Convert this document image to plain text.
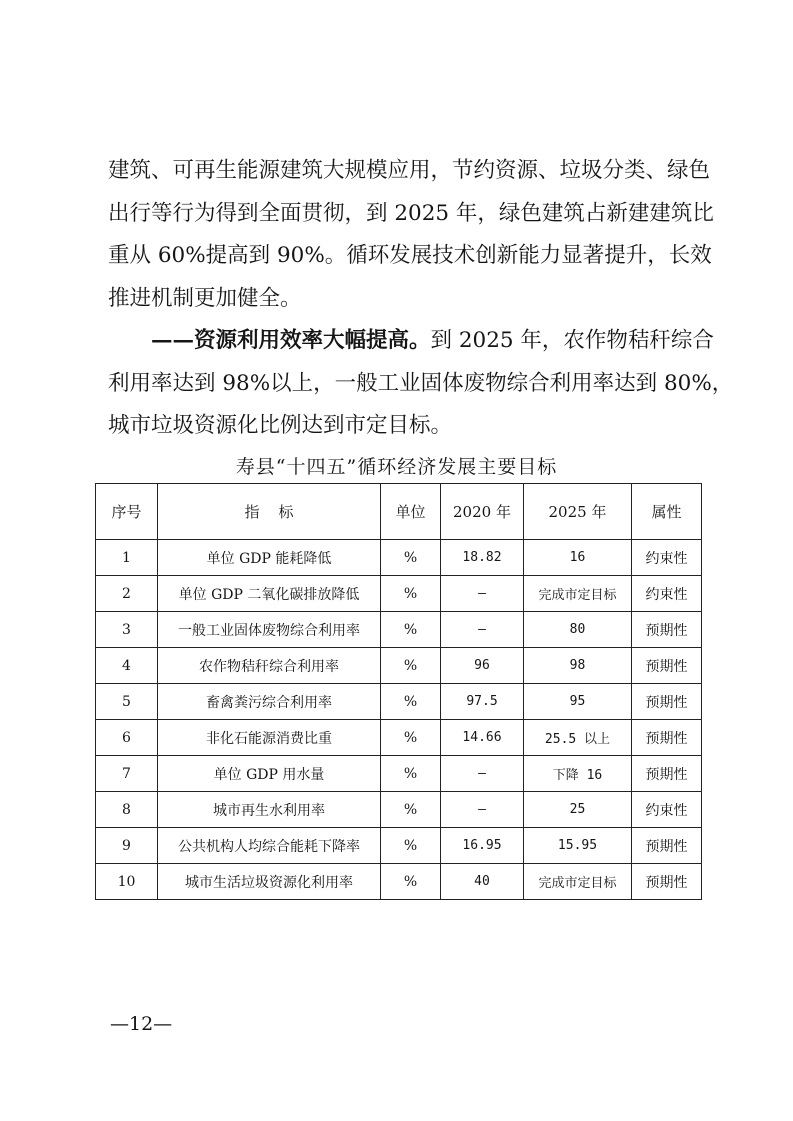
建筑、可再生能源建筑大规模应用，节约资源、垃圾分类、绿色
出行等行为得到全面贯彻，到 2025 年，绿色建筑占新建建筑比
重从 60%提高到 90%。循环发展技术创新能力显著提升，长效
推进机制更加健全。

——资源利用效率大幅提高。到 2025 年，农作物秸秆综合
利用率达到 98%以上，一般工业固体废物综合利用率达到 80%，
城市垃圾资源化比例达到市定目标。

寿县“十四五”循环经济发展主要目标
序号	指    标	单位	2020 年	2025 年	属性
1	单位 GDP 能耗降低	%	18.82	16	约束性
2	单位 GDP 二氧化碳排放降低	%	–	完成市定目标	约束性
3	一般工业固体废物综合利用率	%	–	80	预期性
4	农作物秸秆综合利用率	%	96	98	预期性
5	畜禽粪污综合利用率	%	97.5	95	预期性
6	非化石能源消费比重	%	14.66	25.5 以上	预期性
7	单位 GDP 用水量	%	–	下降 16	预期性
8	城市再生水利用率	%	–	25	约束性
9	公共机构人均综合能耗下降率	%	16.95	15.95	预期性
10	城市生活垃圾资源化利用率	%	40	完成市定目标	预期性
—12—
